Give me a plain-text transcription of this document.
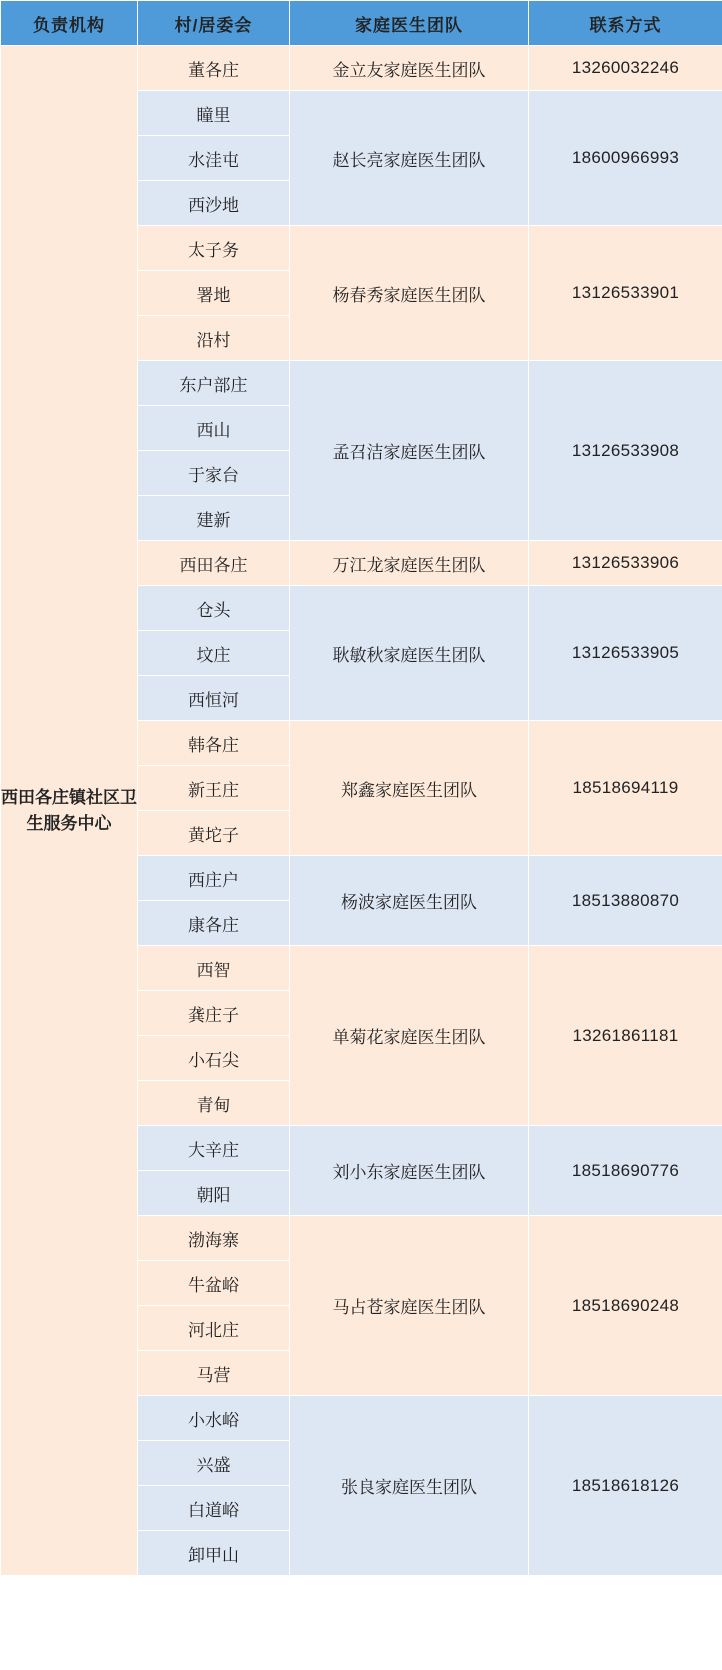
负责机构	村/居委会	家庭医生团队	联系方式
西田各庄镇社区卫生服务中心	董各庄	金立友家庭医生团队	13260032246
	瞳里	赵长亮家庭医生团队	18600966993
	水洼屯		
	西沙地		
	太子务	杨春秀家庭医生团队	13126533901
	署地		
	沿村		
	东户部庄	孟召洁家庭医生团队	13126533908
	西山		
	于家台		
	建新		
	西田各庄	万江龙家庭医生团队	13126533906
	仓头	耿敏秋家庭医生团队	13126533905
	坟庄		
	西恒河		
	韩各庄	郑鑫家庭医生团队	18518694119
	新王庄		
	黄坨子		
	西庄户	杨波家庭医生团队	18513880870
	康各庄		
	西智	单菊花家庭医生团队	13261861181
	龚庄子		
	小石尖		
	青甸		
	大辛庄	刘小东家庭医生团队	18518690776
	朝阳		
	渤海寨	马占苍家庭医生团队	18518690248
	牛盆峪		
	河北庄		
	马营		
	小水峪	张良家庭医生团队	18518618126
	兴盛		
	白道峪		
	卸甲山		
